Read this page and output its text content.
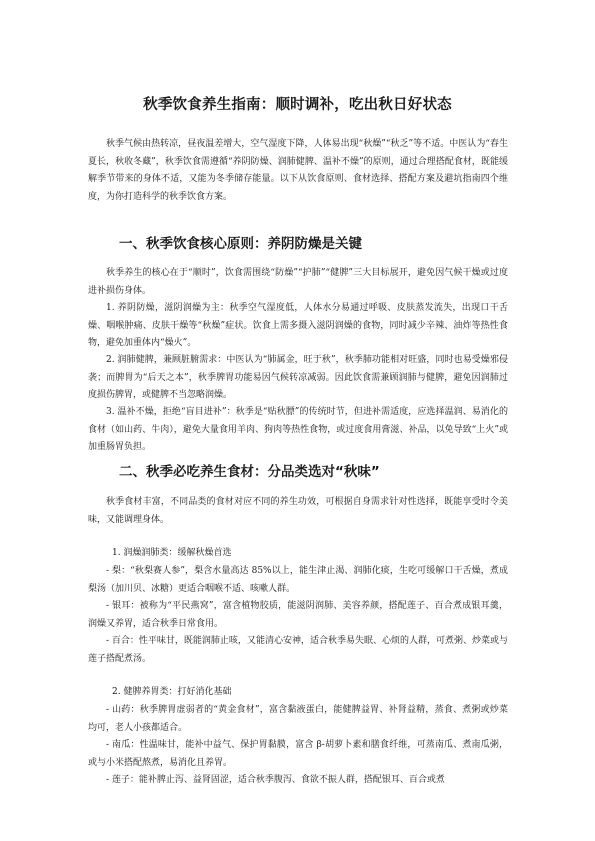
秋季饮食养生指南：顺时调补，吃出秋日好状态

秋季气候由热转凉，昼夜温差增大，空气湿度下降，人体易出现“秋燥”“秋乏”等不适。中医认为“春生夏长，秋收冬藏”，秋季饮食需遵循“养阴防燥、润肺健脾、温补不燥”的原则，通过合理搭配食材，既能缓解季节带来的身体不适，又能为冬季储存能量。以下从饮食原则、食材选择、搭配方案及避坑指南四个维度，为你打造科学的秋季饮食方案。

一、秋季饮食核心原则：养阴防燥是关键

秋季养生的核心在于“顺时”，饮食需围绕“防燥”“护肺”“健脾”三大目标展开，避免因气候干燥或过度进补损伤身体。

1. 养阴防燥，滋阴润燥为主：秋季空气湿度低，人体水分易通过呼吸、皮肤蒸发流失，出现口干舌燥、咽喉肿痛、皮肤干燥等“秋燥”症状。饮食上需多摄入滋阴润燥的食物，同时减少辛辣、油炸等热性食物，避免加重体内“燥火”。

2. 润肺健脾，兼顾脏腑需求：中医认为“肺属金，旺于秋”，秋季肺功能相对旺盛，同时也易受燥邪侵袭；而脾胃为“后天之本”，秋季脾胃功能易因气候转凉减弱。因此饮食需兼顾润肺与健脾，避免因润肺过度损伤脾胃，或健脾不当忽略润燥。

3. 温补不燥，拒绝“盲目进补”：秋季是“贴秋膘”的传统时节，但进补需适度，应选择温润、易消化的食材（如山药、牛肉），避免大量食用羊肉、狗肉等热性食物，或过度食用膏滋、补品，以免导致“上火”或加重肠胃负担。

二、秋季必吃养生食材：分品类选对“秋味”

秋季食材丰富，不同品类的食材对应不同的养生功效，可根据自身需求针对性选择，既能享受时令美味，又能调理身体。

1. 润燥润肺类：缓解秋燥首选

- 梨：“秋梨赛人参”，梨含水量高达 85%以上，能生津止渴、润肺化痰，生吃可缓解口干舌燥，煮成梨汤（加川贝、冰糖）更适合咽喉不适、咳嗽人群。

- 银耳：被称为“平民燕窝”，富含植物胶质，能滋阴润肺、美容养颜，搭配莲子、百合煮成银耳羹，润燥又养胃，适合秋季日常食用。

- 百合：性平味甘，既能润肺止咳，又能清心安神，适合秋季易失眠、心烦的人群，可煮粥、炒菜或与莲子搭配煮汤。

2. 健脾养胃类：打好消化基础

- 山药：秋季脾胃虚弱者的“黄金食材”，富含黏液蛋白，能健脾益胃、补肾益精，蒸食、煮粥或炒菜均可，老人小孩都适合。

- 南瓜：性温味甘，能补中益气、保护胃黏膜，富含 β-胡萝卜素和膳食纤维，可蒸南瓜、煮南瓜粥，或与小米搭配熬煮，易消化且养胃。

- 莲子：能补脾止泻、益肾固涩，适合秋季腹泻、食欲不振人群，搭配银耳、百合或煮
